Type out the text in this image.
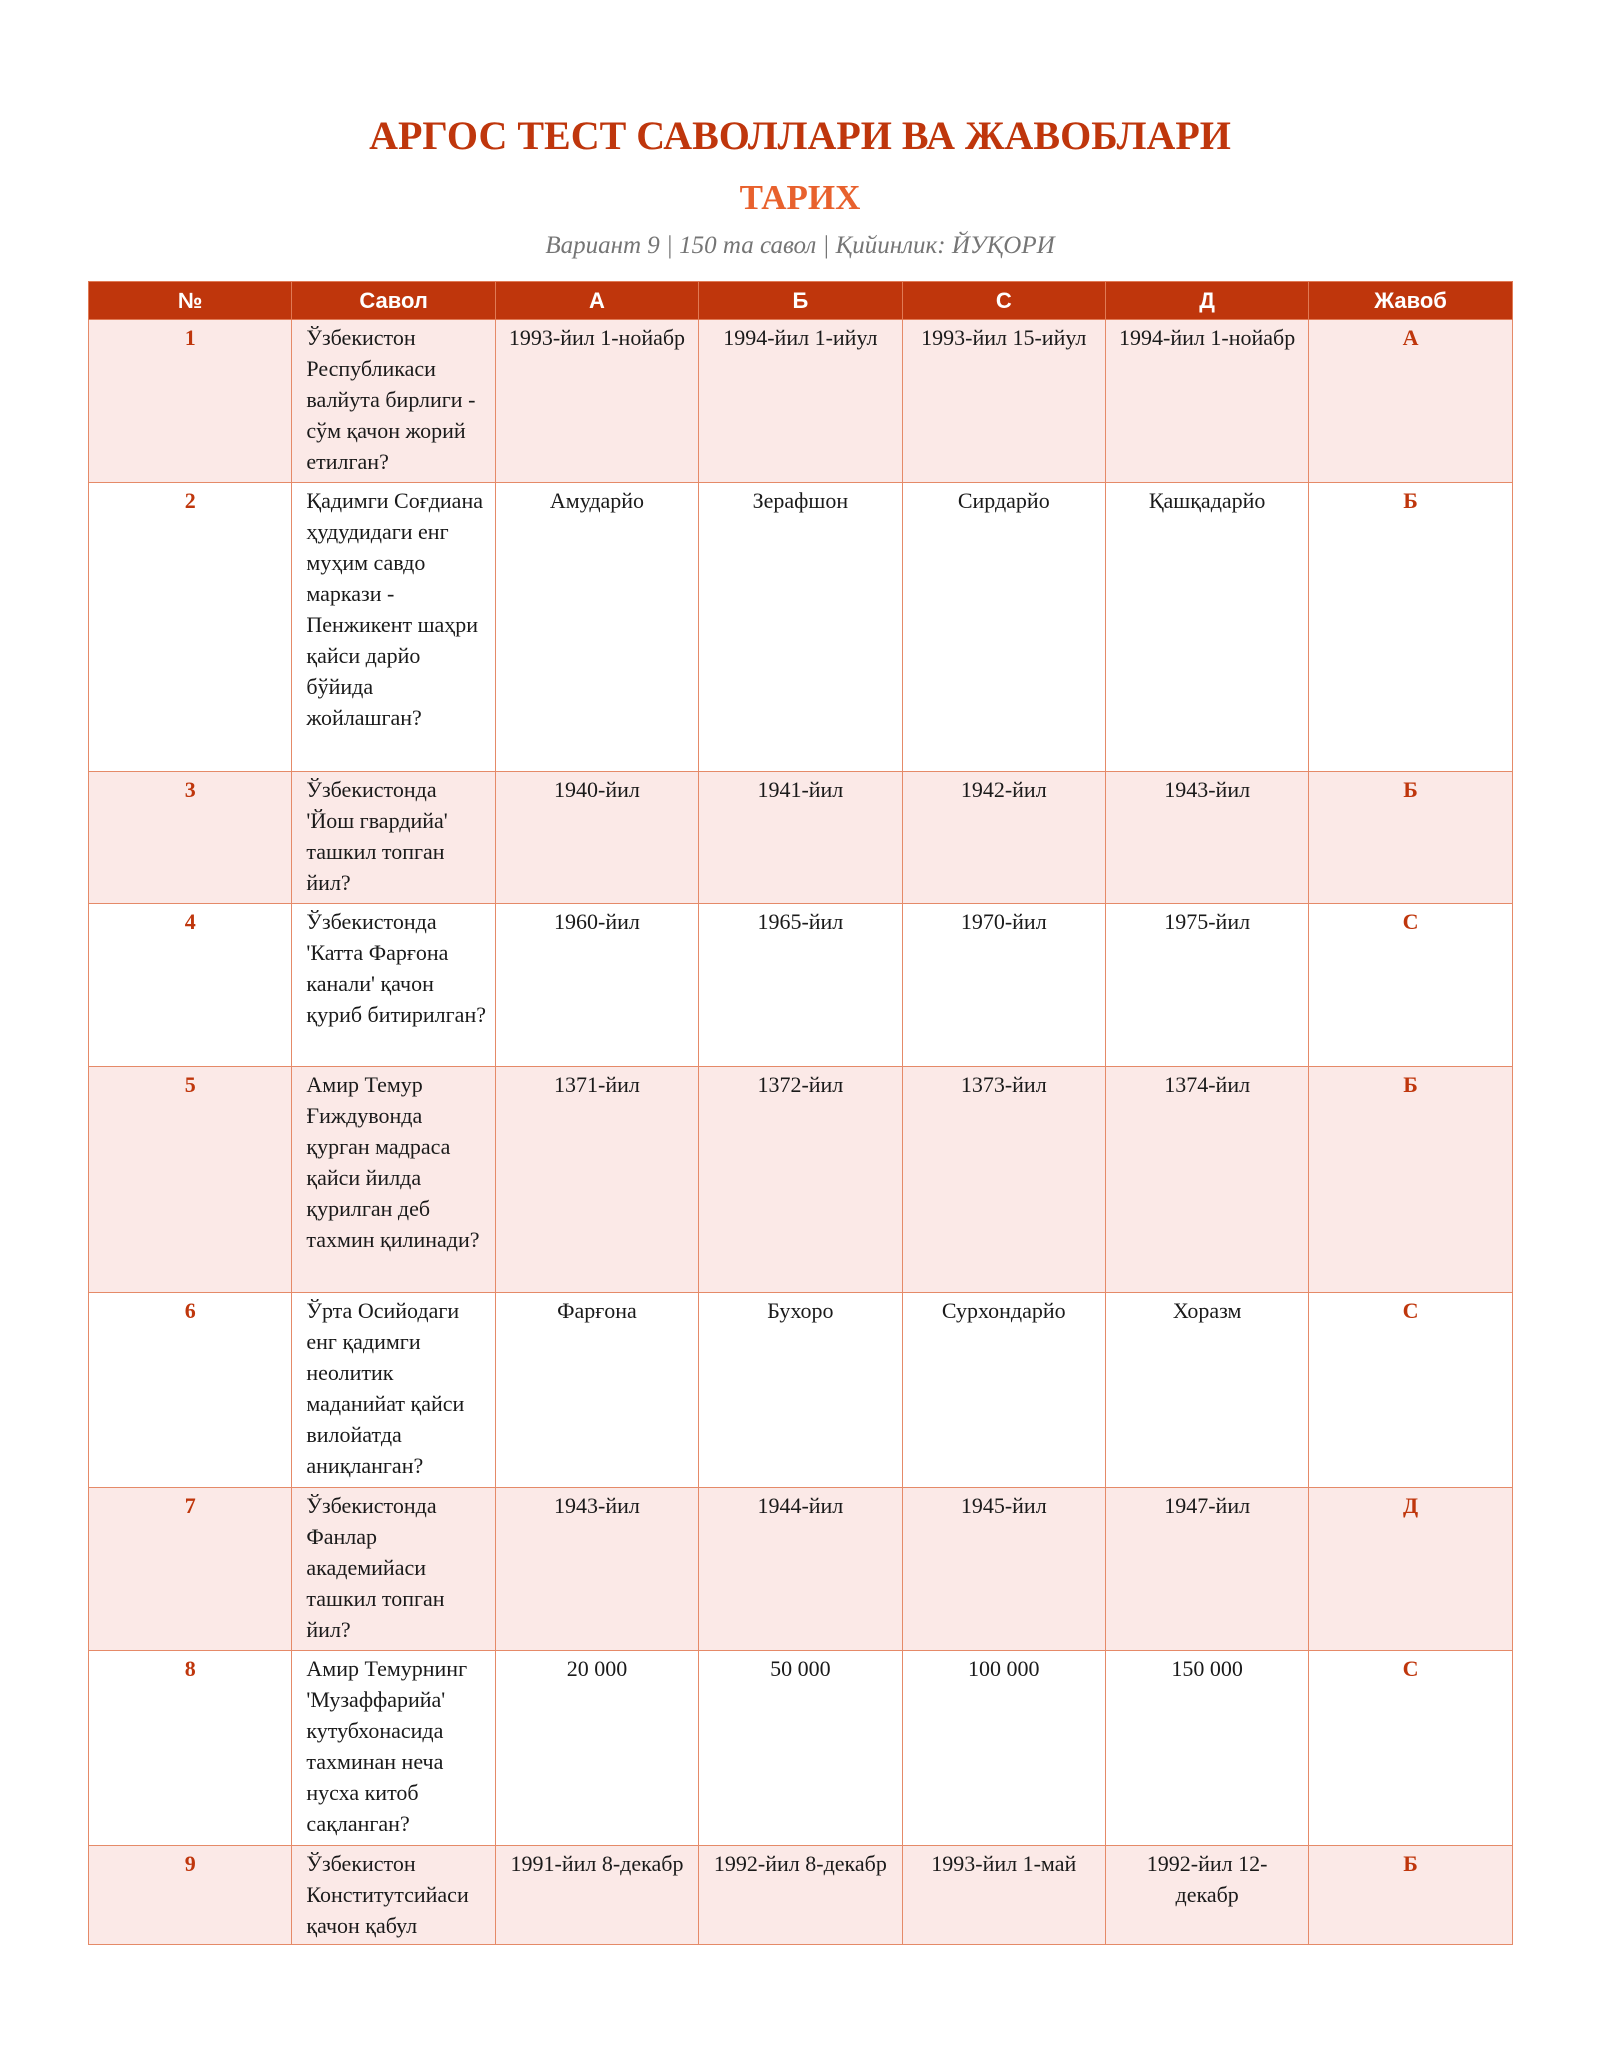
АРГОС ТЕСТ САВОЛЛАРИ ВА ЖАВОБЛАРИ
ТАРИХ
Вариант 9 | 150 та савол | Қийинлик: ЙУҚОРИ
№	Савол	А	Б	С	Д	Жавоб
1	Ўзбекистон Республикаси валйута бирлиги - сўм қачон жорий етилган?	1993-йил 1-нойабр	1994-йил 1-ийул	1993-йил 15-ийул	1994-йил 1-нойабр	А
2	Қадимги Соғдиана ҳудудидаги енг муҳим савдо маркази - Пенжикент шаҳри қайси дарйо бўйида жойлашган?	Амударйо	Зерафшон	Сирдарйо	Қашқадарйо	Б
3	Ўзбекистонда 'Йош гвардийа' ташкил топган йил?	1940-йил	1941-йил	1942-йил	1943-йил	Б
4	Ўзбекистонда 'Катта Фарғона канали' қачон қуриб битирилган?	1960-йил	1965-йил	1970-йил	1975-йил	С
5	Амир Темур Ғиждувонда қурган мадраса қайси йилда қурилган деб тахмин қилинади?	1371-йил	1372-йил	1373-йил	1374-йил	Б
6	Ўрта Осийодаги енг қадимги неолитик маданийат қайси вилойатда аниқланган?	Фарғона	Бухоро	Сурхондарйо	Хоразм	С
7	Ўзбекистонда Фанлар академийаси ташкил топган йил?	1943-йил	1944-йил	1945-йил	1947-йил	Д
8	Амир Темурнинг 'Музаффарийа' кутубхонасида тахминан неча нусха китоб сақланган?	20 000	50 000	100 000	150 000	С
9	Ўзбекистон Конститутсийаси қачон қабул	1991-йил 8-декабр	1992-йил 8-декабр	1993-йил 1-май	1992-йил 12-декабр	Б
